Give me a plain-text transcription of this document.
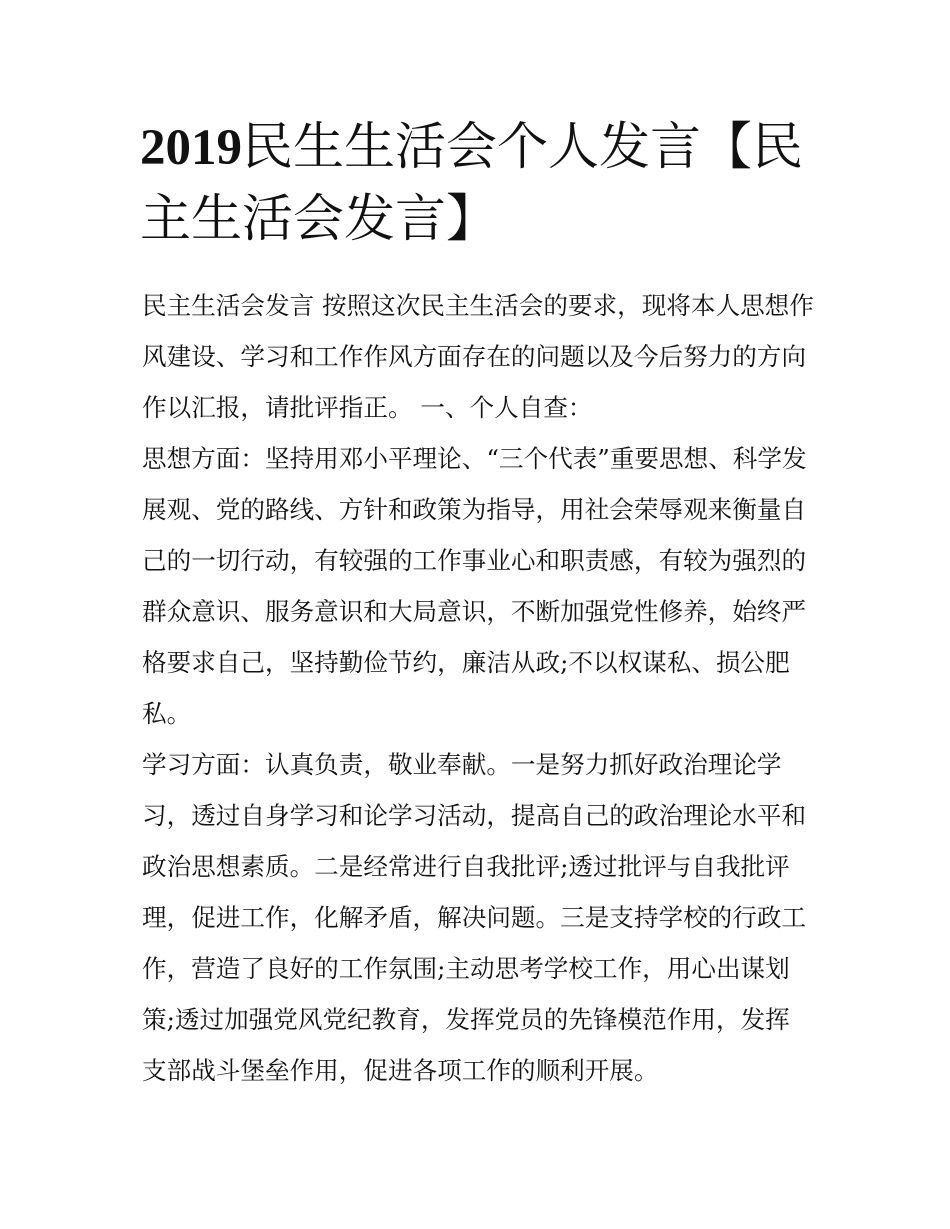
2019民生生活会个人发言【民主生活会发言】

民主生活会发言 按照这次民主生活会的要求，现将本人思想作风建设、学习和工作作风方面存在的问题以及今后努力的方向作以汇报，请批评指正。 一、个人自查：

思想方面：坚持用邓小平理论、“三个代表”重要思想、科学发展观、党的路线、方针和政策为指导，用社会荣辱观来衡量自己的一切行动，有较强的工作事业心和职责感，有较为强烈的群众意识、服务意识和大局意识，不断加强党性修养，始终严格要求自己，坚持勤俭节约，廉洁从政;不以权谋私、损公肥私。

学习方面：认真负责，敬业奉献。一是努力抓好政治理论学习，透过自身学习和论学习活动，提高自己的政治理论水平和政治思想素质。二是经常进行自我批评;透过批评与自我批评理，促进工作，化解矛盾，解决问题。三是支持学校的行政工作，营造了良好的工作氛围;主动思考学校工作，用心出谋划策;透过加强党风党纪教育，发挥党员的先锋模范作用，发挥支部战斗堡垒作用，促进各项工作的顺利开展。
